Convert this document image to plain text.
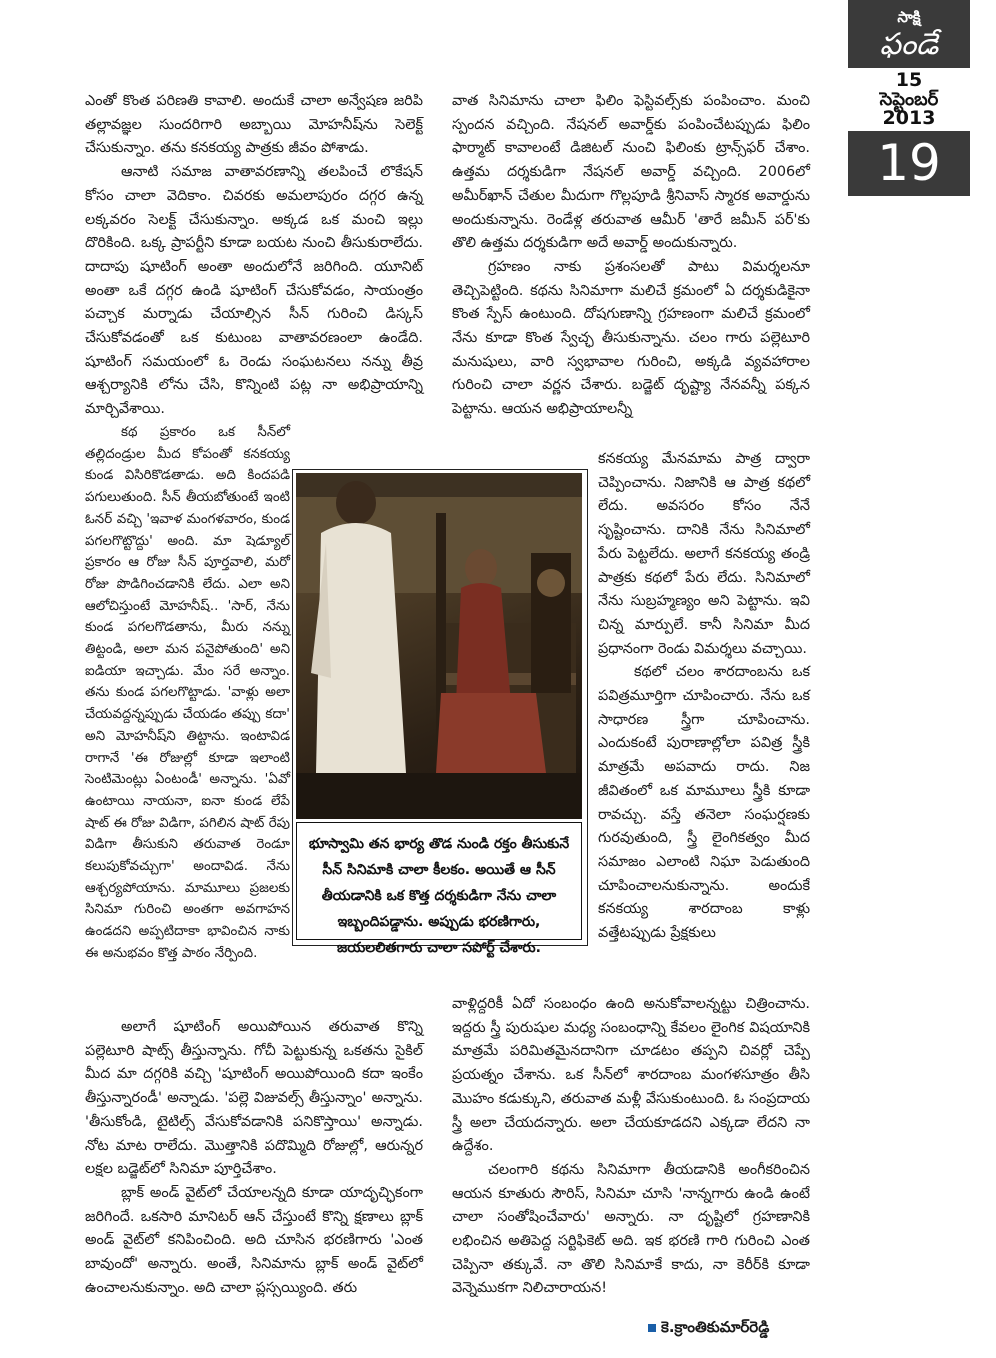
సాక్షి
ఫండే
15
సెప్టెంబర్
2013
19

ఎంతో కొంత పరిణతి కావాలి. అందుకే చాలా అన్వేషణ జరిపి తల్లావజ్ఞల సుందరిగారి అబ్బాయి మోహనీష్‌ను సెలెక్ట్ చేసుకున్నాం. తను కనకయ్య పాత్రకు జీవం పోశాడు.

ఆనాటి సమాజ వాతావరణాన్ని తలపించే లొకేషన్ కోసం చాలా వెదికాం. చివరకు అమలాపురం దగ్గర ఉన్న లక్కవరం సెలక్ట్ చేసుకున్నాం. అక్కడ ఒక మంచి ఇల్లు దొరికింది. ఒక్క ప్రాపర్టీని కూడా బయట నుంచి తీసుకురాలేదు. దాదాపు షూటింగ్ అంతా అందులోనే జరిగింది. యూనిట్ అంతా ఒకే దగ్గర ఉండి షూటింగ్ చేసుకోవడం, సాయంత్రం పచ్చాక మర్నాడు చేయాల్సిన సీన్ గురించి డిస్కస్ చేసుకోవడంతో ఒక కుటుంబ వాతావరణంలా ఉండేది. షూటింగ్ సమయంలో ఓ రెండు సంఘటనలు నన్ను తీవ్ర ఆశ్చర్యానికి లోను చేసి, కొన్నింటి పట్ల నా అభిప్రాయాన్ని మార్చివేశాయి.

కథ ప్రకారం ఒక సీన్‌లో తల్లిదండ్రుల మీద కోపంతో కనకయ్య కుండ విసిరికొడతాడు. అది కిందపడి పగులుతుంది. సీన్ తీయబోతుంటే ఇంటి ఓనర్ వచ్చి 'ఇవాళ మంగళవారం, కుండ పగలగొట్టొద్దు' అంది. మా షెడ్యూల్ ప్రకారం ఆ రోజు సీన్ పూర్తవాలి, మరో రోజు పొడిగించడానికి లేదు. ఎలా అని ఆలోచిస్తుంటే మోహనీష్.. 'సార్, నేను కుండ పగలగొడతాను, మీరు నన్ను తిట్టండి, అలా మన పనైపోతుంది' అని ఐడియా ఇచ్చాడు. మేం సరే అన్నాం. తను కుండ పగలగొట్టాడు. 'వాళ్లు అలా చేయవద్దన్నప్పుడు చేయడం తప్పు కదా' అని మోహనీష్‌ని తిట్టాను. ఇంటావిడ రాగానే 'ఈ రోజుల్లో కూడా ఇలాంటి సెంటిమెంట్లు ఏంటండీ' అన్నాను. 'ఏవో ఉంటాయి నాయనా, ఐనా కుండ లేపే షాట్ ఈ రోజు విడిగా, పగిలిన షాట్ రేపు విడిగా తీసుకుని తరువాత రెండూ కలుపుకోవచ్చుగా' అందావిడ. నేను ఆశ్చర్యపోయాను. మామూలు ప్రజలకు సినిమా గురించి అంతగా అవగాహన ఉండదని అప్పటిదాకా భావించిన నాకు ఈ అనుభవం కొత్త పాఠం నేర్పింది.

వాత సినిమాను చాలా ఫిలిం ఫెస్టివల్స్‌కు పంపించాం. మంచి స్పందన వచ్చింది. నేషనల్ అవార్డ్‌కు పంపించేటప్పుడు ఫిలిం ఫార్మాట్ కావాలంటే డిజిటల్ నుంచి ఫిలింకు ట్రాన్స్‌ఫర్ చేశాం. ఉత్తమ దర్శకుడిగా నేషనల్ అవార్డ్ వచ్చింది. 2006లో అమీర్‌ఖాన్ చేతుల మీదుగా గొల్లపూడి శ్రీనివాస్ స్మారక అవార్డును అందుకున్నాను. రెండేళ్ల తరువాత ఆమీర్ 'తారే జమీన్ పర్'కు తొలి ఉత్తమ దర్శకుడిగా అదే అవార్డ్ అందుకున్నారు.

గ్రహణం నాకు ప్రశంసలతో పాటు విమర్శలనూ తెచ్చిపెట్టింది. కథను సినిమాగా మలిచే క్రమంలో ఏ దర్శకుడికైనా కొంత స్పేస్ ఉంటుంది. దోషగుణాన్ని గ్రహణంగా మలిచే క్రమంలో నేను కూడా కొంత స్వేచ్ఛ తీసుకున్నాను. చలం గారు పల్లెటూరి మనుషులు, వారి స్వభావాల గురించి, అక్కడి వ్యవహారాల గురించి చాలా వర్ణన చేశారు. బడ్జెట్ దృష్ట్యా నేనవన్నీ పక్కన పెట్టాను. ఆయన అభిప్రాయాలన్నీ

కనకయ్య మేనమామ పాత్ర ద్వారా చెప్పించాను. నిజానికి ఆ పాత్ర కథలో లేదు. అవసరం కోసం నేనే సృష్టించాను. దానికి నేను సినిమాలో పేరు పెట్టలేదు. అలాగే కనకయ్య తండ్రి పాత్రకు కథలో పేరు లేదు. సినిమాలో నేను సుబ్రహ్మణ్యం అని పెట్టాను. ఇవి చిన్న మార్పులే. కానీ సినిమా మీద ప్రధానంగా రెండు విమర్శలు వచ్చాయి.

కథలో చలం శారదాంబను ఒక పవిత్రమూర్తిగా చూపించారు. నేను ఒక సాధారణ స్త్రీగా చూపించాను. ఎందుకంటే పురాణాల్లోలా పవిత్ర స్త్రీకి మాత్రమే అపవాదు రాదు. నిజ జీవితంలో ఒక మామూలు స్త్రీకి కూడా రావచ్చు. వస్తే తనెలా సంఘర్షణకు గురవుతుంది, స్త్రీ లైంగికత్వం మీద సమాజం ఎలాంటి నిఘా పెడుతుంది చూపించాలనుకున్నాను. అందుకే కనకయ్య శారదాంబ కాళ్లు వత్తేటప్పుడు ప్రేక్షకులు

వాళ్లిద్దరికీ ఏదో సంబంధం ఉంది అనుకోవాలన్నట్టు చిత్రించాను. ఇద్దరు స్త్రీ పురుషుల మధ్య సంబంధాన్ని కేవలం లైంగిక విషయానికి మాత్రమే పరిమితమైనదానిగా చూడటం తప్పని చివర్లో చెప్పే ప్రయత్నం చేశాను. ఒక సీన్‌లో శారదాంబ మంగళసూత్రం తీసి మొహం కడుక్కుని, తరువాత మళ్లీ వేసుకుంటుంది. ఓ సంప్రదాయ స్త్రీ అలా చేయదన్నారు. అలా చేయకూడదని ఎక్కడా లేదని నా ఉద్దేశం.

చలంగారి కథను సినిమాగా తీయడానికి అంగీకరించిన ఆయన కూతురు సౌరిస్, సినిమా చూసి 'నాన్నగారు ఉండి ఉంటే చాలా సంతోషించేవారు' అన్నారు. నా దృష్టిలో గ్రహణానికి లభించిన అతిపెద్ద సర్టిఫికెట్ అది. ఇక భరణి గారి గురించి ఎంత చెప్పినా తక్కువే. నా తొలి సినిమాకే కాదు, నా కెరీర్‌కి కూడా వెన్నెముకగా నిలిచారాయన!

భూస్వామి తన భార్య తొడ నుండి రక్తం తీసుకునే సీన్ సినిమాకి చాలా కీలకం. అయితే ఆ సీన్ తీయడానికి ఒక కొత్త దర్శకుడిగా నేను చాలా ఇబ్బందిపడ్డాను. అప్పుడు భరణిగారు, జయలలితగారు చాలా సపోర్ట్ చేశారు.
కె.క్రాంతికుమార్‌రెడ్డి

అలాగే షూటింగ్ అయిపోయిన తరువాత కొన్ని పల్లెటూరి షాట్స్ తీస్తున్నాను. గోచీ పెట్టుకున్న ఒకతను సైకిల్ మీద మా దగ్గరికి వచ్చి 'షూటింగ్ అయిపోయింది కదా ఇంకేం తీస్తున్నారండీ' అన్నాడు. 'పల్లె విజువల్స్ తీస్తున్నాం' అన్నాను. 'తీసుకోండి, టైటిల్స్ వేసుకోవడానికి పనికొస్తాయి' అన్నాడు. నోట మాట రాలేదు. మొత్తానికి పదొమ్మిది రోజుల్లో, ఆరున్నర లక్షల బడ్జెట్‌లో సినిమా పూర్తిచేశాం.

బ్లాక్ అండ్ వైట్‌లో చేయాలన్నది కూడా యాదృచ్ఛికంగా జరిగిందే. ఒకసారి మానిటర్ ఆన్ చేస్తుంటే కొన్ని క్షణాలు బ్లాక్ అండ్ వైట్‌లో కనిపించింది. అది చూసిన భరణిగారు 'ఎంత బావుందో' అన్నారు. అంతే, సినిమాను బ్లాక్ అండ్ వైట్‌లో ఉంచాలనుకున్నాం. అది చాలా ప్లస్సయ్యింది. తరు
